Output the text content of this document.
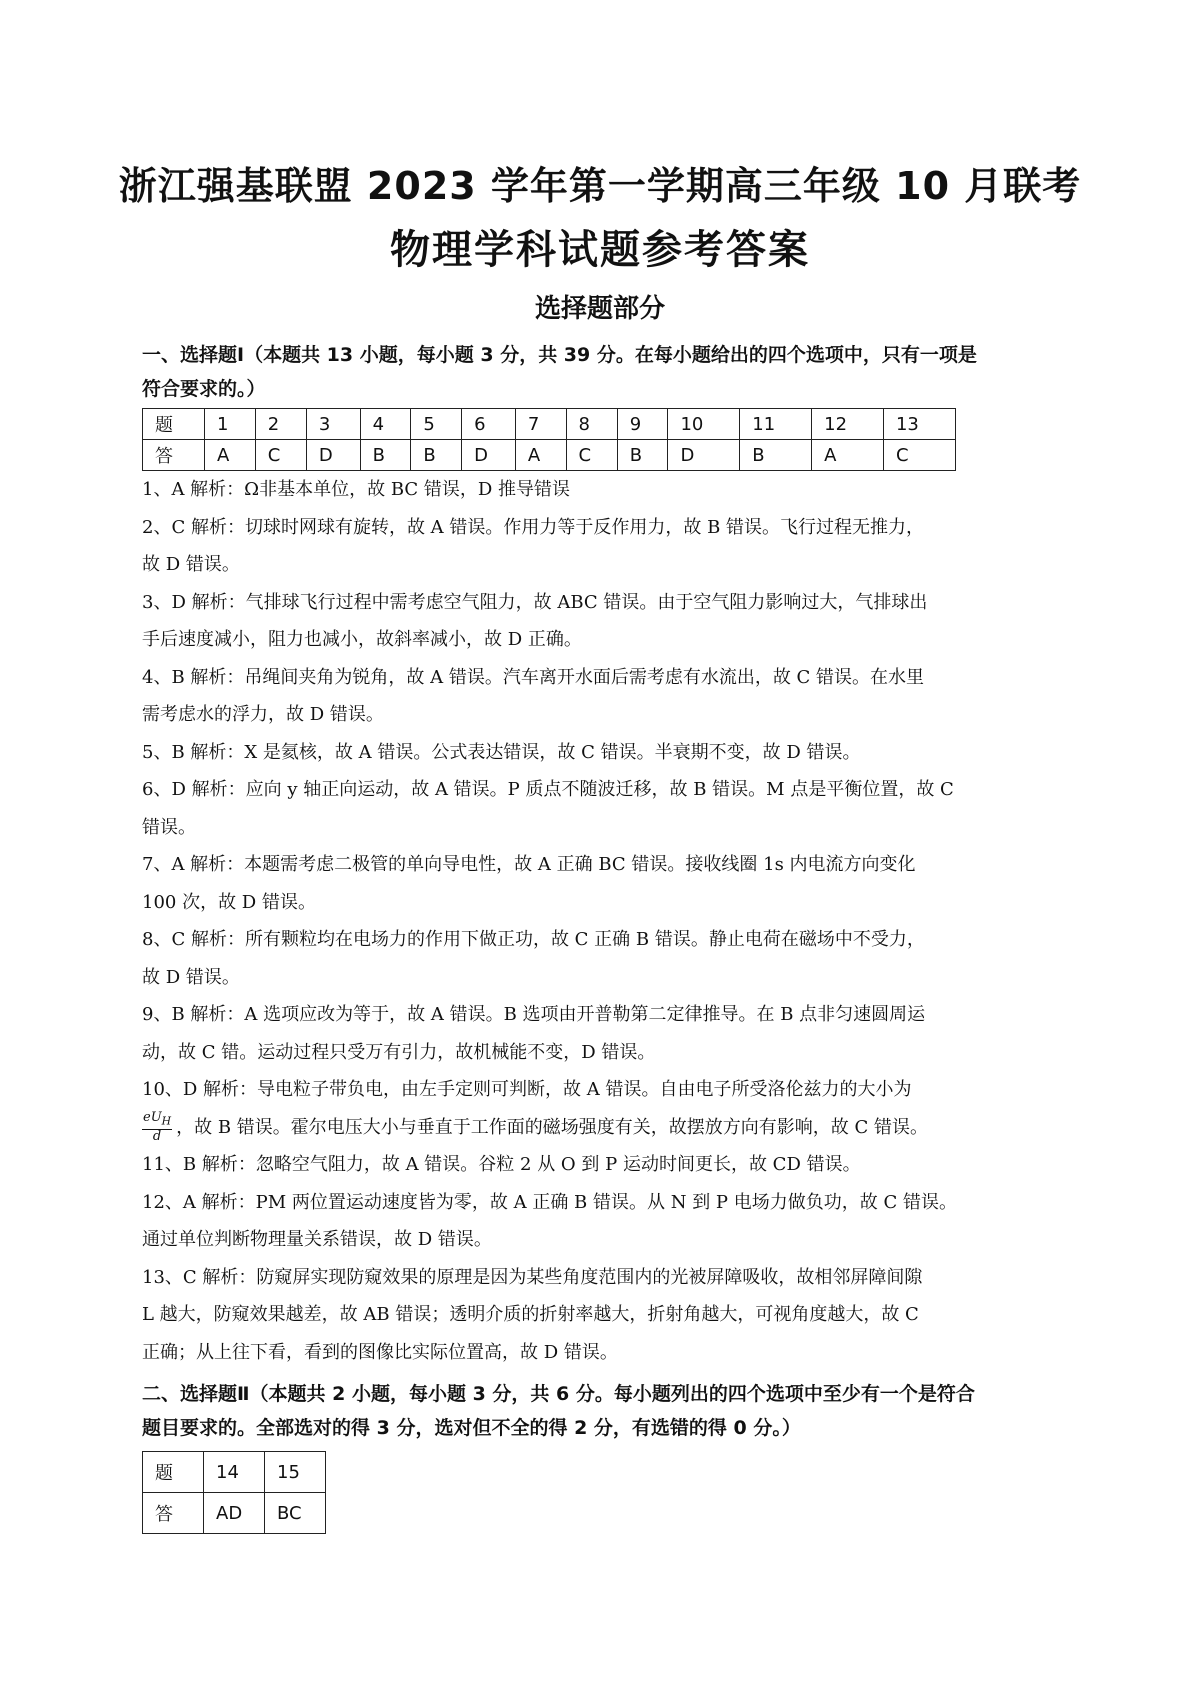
浙江强基联盟 2023 学年第一学期高三年级 10 月联考
物理学科试题参考答案
选择题部分

一、选择题Ⅰ（本题共 13 小题，每小题 3 分，共 39 分。在每小题给出的四个选项中，只有一项是
符合要求的。）

题	1	2	3	4	5	6	7	8	9	10	11	12	13
答	A	C	D	B	B	D	A	C	B	D	B	A	C

1、A 解析：Ω非基本单位，故 BC 错误，D 推导错误

2、C 解析：切球时网球有旋转，故 A 错误。作用力等于反作用力，故 B 错误。飞行过程无推力，
故 D 错误。

3、D 解析：气排球飞行过程中需考虑空气阻力，故 ABC 错误。由于空气阻力影响过大，气排球出
手后速度减小，阻力也减小，故斜率减小，故 D 正确。

4、B 解析：吊绳间夹角为锐角，故 A 错误。汽车离开水面后需考虑有水流出，故 C 错误。在水里
需考虑水的浮力，故 D 错误。

5、B 解析：X 是氦核，故 A 错误。公式表达错误，故 C 错误。半衰期不变，故 D 错误。

6、D 解析：应向 y 轴正向运动，故 A 错误。P 质点不随波迁移，故 B 错误。M 点是平衡位置，故 C
错误。

7、A 解析：本题需考虑二极管的单向导电性，故 A 正确 BC 错误。接收线圈 1s 内电流方向变化
100 次，故 D 错误。

8、C 解析：所有颗粒均在电场力的作用下做正功，故 C 正确 B 错误。静止电荷在磁场中不受力，
故 D 错误。

9、B 解析：A 选项应改为等于，故 A 错误。B 选项由开普勒第二定律推导。在 B 点非匀速圆周运
动，故 C 错。运动过程只受万有引力，故机械能不变，D 错误。

10、D 解析：导电粒子带负电，由左手定则可判断，故 A 错误。自由电子所受洛伦兹力的大小为

$\frac{eU_H}{d}$ ，故 B 错误。霍尔电压大小与垂直于工作面的磁场强度有关，故摆放方向有影响，故 C 错误。

11、B 解析：忽略空气阻力，故 A 错误。谷粒 2 从 O 到 P 运动时间更长，故 CD 错误。

12、A 解析：PM 两位置运动速度皆为零，故 A 正确 B 错误。从 N 到 P 电场力做负功，故 C 错误。
通过单位判断物理量关系错误，故 D 错误。

13、C 解析：防窥屏实现防窥效果的原理是因为某些角度范围内的光被屏障吸收，故相邻屏障间隙
L 越大，防窥效果越差，故 AB 错误；透明介质的折射率越大，折射角越大，可视角度越大，故 C
正确；从上往下看，看到的图像比实际位置高，故 D 错误。

二、选择题Ⅱ（本题共 2 小题，每小题 3 分，共 6 分。每小题列出的四个选项中至少有一个是符合
题目要求的。全部选对的得 3 分，选对但不全的得 2 分，有选错的得 0 分。）

题	14	15
答	AD	BC
